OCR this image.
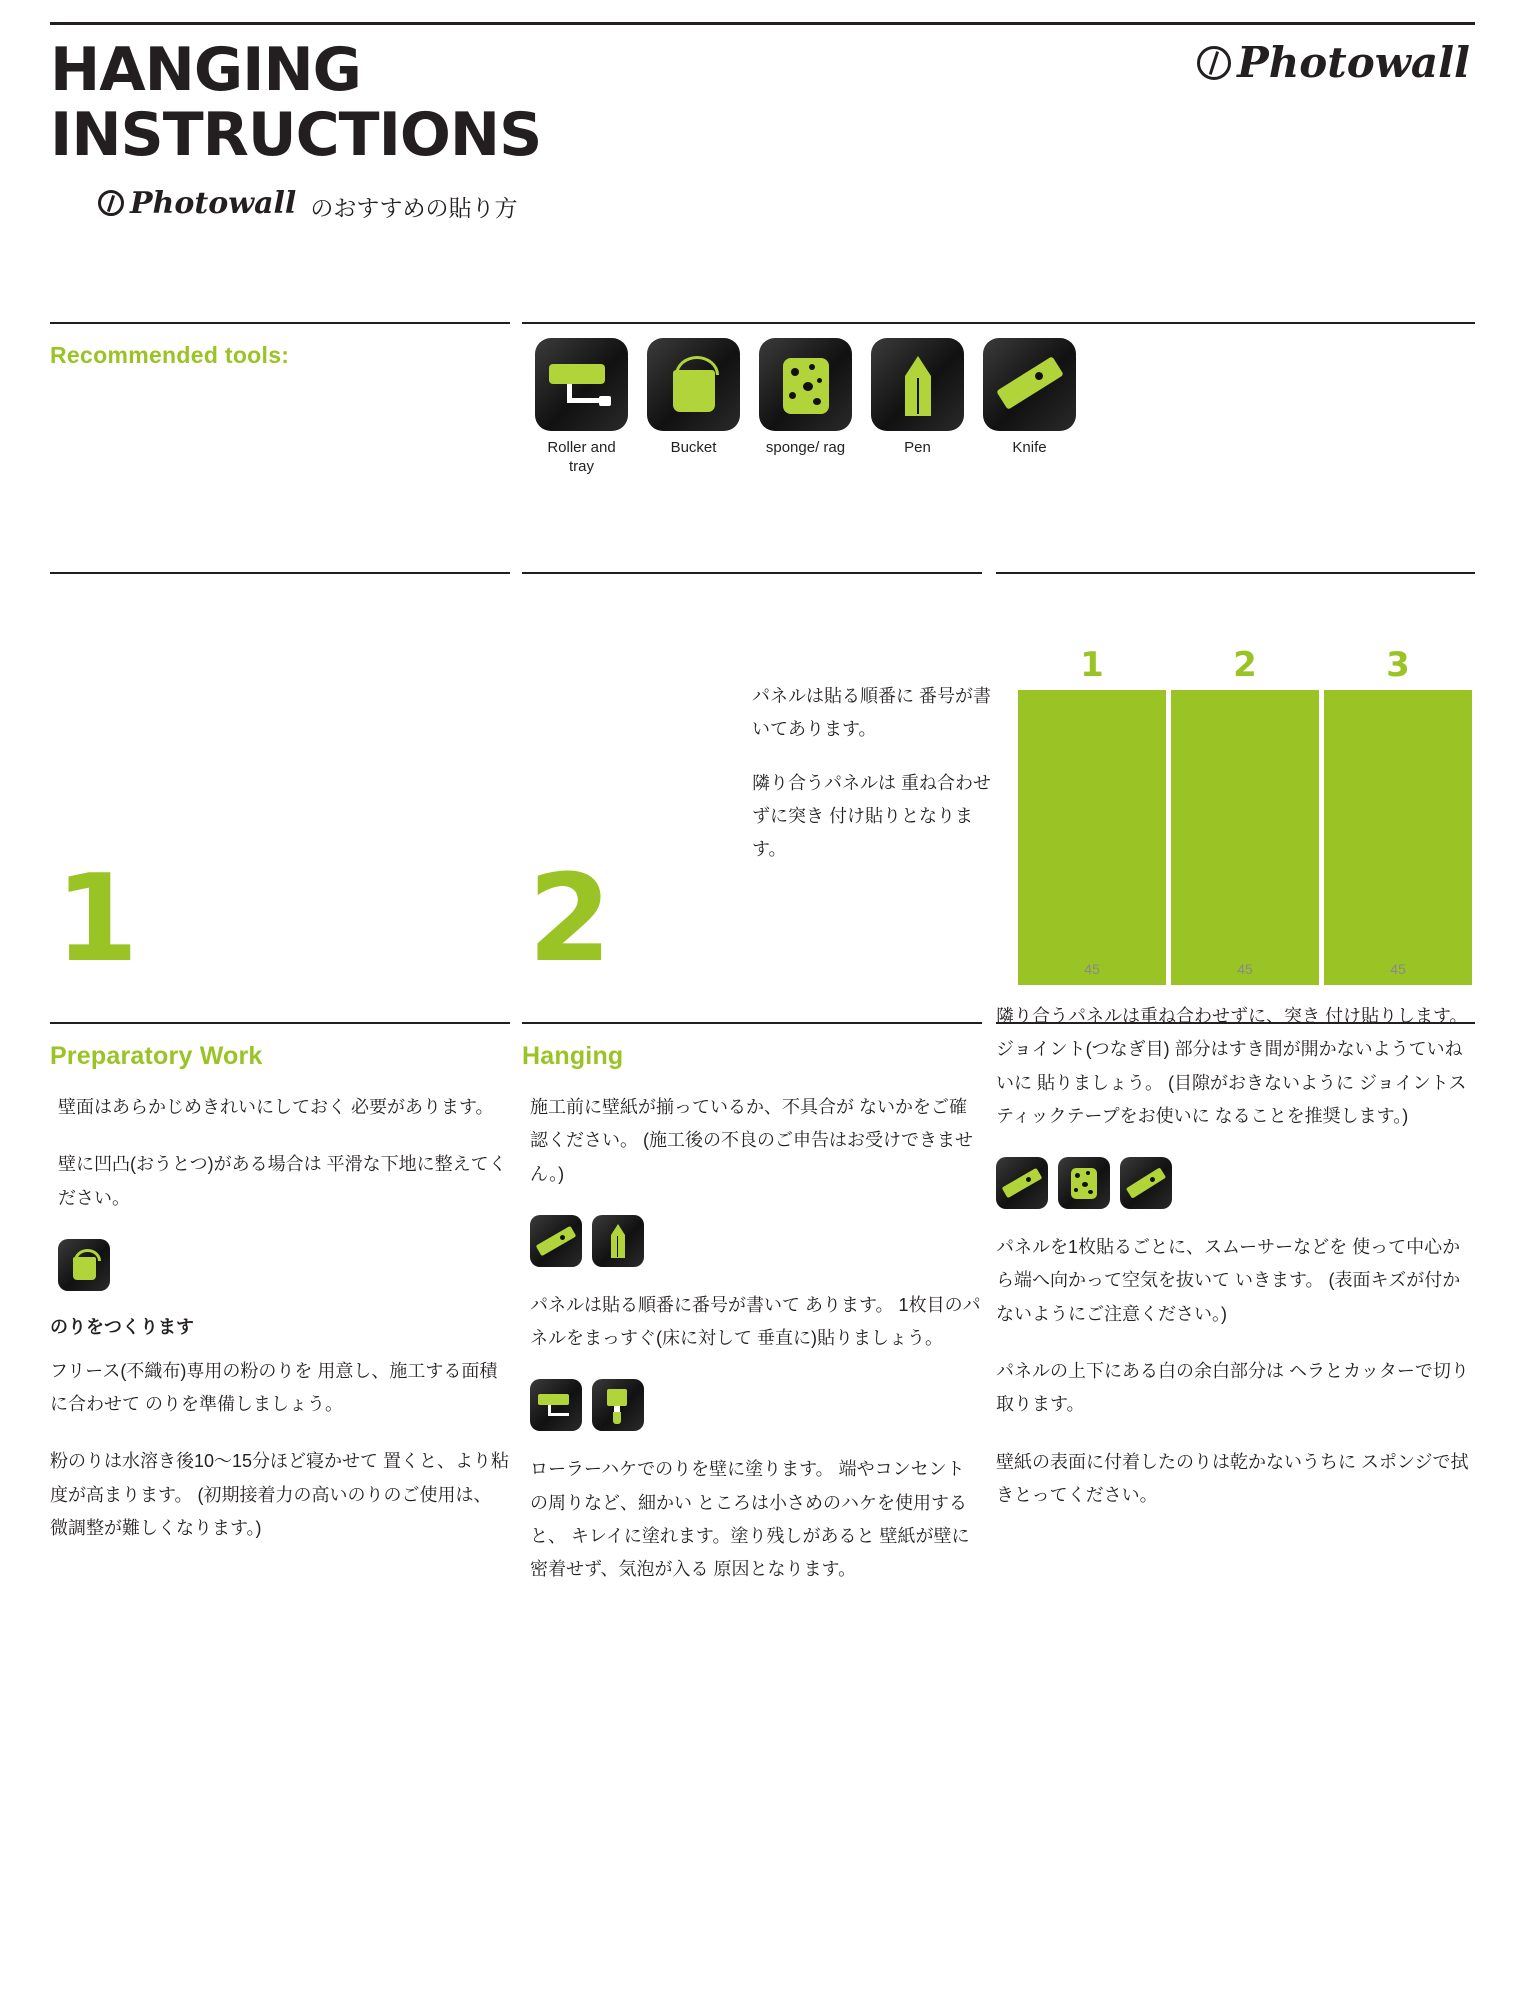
HANGING
INSTRUCTIONS
Photowall のおすすめの貼り方
Photowall
Recommended tools:
Roller and tray
Bucket	sponge/ rag	Pen	Knife
1	2

パネルは貼る順番に 番号が書いてあります。

隣り合うパネルは 重ね合わせずに突き 付け貼りとなります。

1	2	3
45	45	45
Preparatory Work

壁面はあらかじめきれいにしておく 必要があります。

壁に凹凸(おうとつ)がある場合は 平滑な下地に整えてください。

のりをつくります

フリース(不織布)専用の粉のりを 用意し、施工する面積に合わせて のりを準備しましょう。

粉のりは水溶き後10〜15分ほど寝かせて 置くと、より粘度が高まります。 (初期接着力の高いのりのご使用は、 微調整が難しくなります。)

Hanging

施工前に壁紙が揃っているか、不具合が ないかをご確認ください。 (施工後の不良のご申告はお受けできません。)

パネルは貼る順番に番号が書いて あります。 1枚目のパネルをまっすぐ(床に対して 垂直に)貼りましょう。

ローラーハケでのりを壁に塗ります。 端やコンセントの周りなど、細かい ところは小さめのハケを使用すると、 キレイに塗れます。塗り残しがあると 壁紙が壁に密着せず、気泡が入る 原因となります。

隣り合うパネルは重ね合わせずに、突き 付け貼りします。ジョイント(つなぎ目) 部分はすき間が開かないようていねいに 貼りましょう。 (目隙がおきないように ジョイントスティックテープをお使いに なることを推奨します。)

パネルを1枚貼るごとに、スムーサーなどを 使って中心から端へ向かって空気を抜いて いきます。 (表面キズが付かないようにご注意ください。)

パネルの上下にある白の余白部分は ヘラとカッターで切り取ります。

壁紙の表面に付着したのりは乾かないうちに スポンジで拭きとってください。
